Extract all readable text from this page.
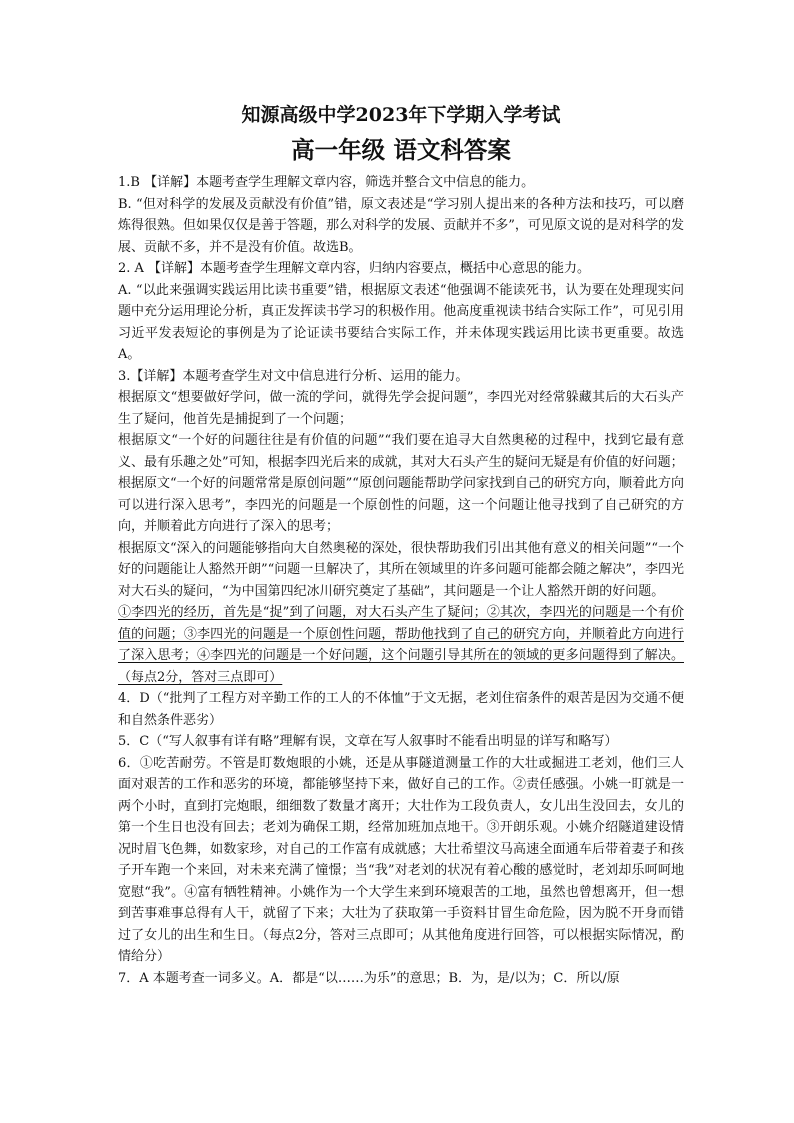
知源高级中学2023年下学期入学考试
高一年级 语文科答案

1.B 【详解】本题考查学生理解文章内容，筛选并整合文中信息的能力。

B. “但对科学的发展及贡献没有价值”错，原文表述是“学习别人提出来的各种方法和技巧，可以磨炼得很熟。但如果仅仅是善于答题，那么对科学的发展、贡献并不多”，可见原文说的是对科学的发展、贡献不多，并不是没有价值。故选B。

2. A 【详解】本题考查学生理解文章内容，归纳内容要点，概括中心意思的能力。

A. “以此来强调实践运用比读书重要”错，根据原文表述“他强调不能读死书，认为要在处理现实问题中充分运用理论分析，真正发挥读书学习的积极作用。他高度重视读书结合实际工作”，可见引用习近平发表短论的事例是为了论证读书要结合实际工作，并未体现实践运用比读书更重要。故选A。

3.【详解】本题考查学生对文中信息进行分析、运用的能力。

根据原文“想要做好学问，做一流的学问，就得先学会捉问题”，李四光对经常躲藏其后的大石头产生了疑问，他首先是捕捉到了一个问题；

根据原文“一个好的问题往往是有价值的问题”“我们要在追寻大自然奥秘的过程中，找到它最有意义、最有乐趣之处”可知，根据李四光后来的成就，其对大石头产生的疑问无疑是有价值的好问题；

根据原文“一个好的问题常常是原创问题”“原创问题能帮助学问家找到自己的研究方向，顺着此方向可以进行深入思考”，李四光的问题是一个原创性的问题，这一个问题让他寻找到了自己研究的方向，并顺着此方向进行了深入的思考；

根据原文“深入的问题能够指向大自然奥秘的深处，很快帮助我们引出其他有意义的相关问题”“一个好的问题能让人豁然开朗”“问题一旦解决了，其所在领域里的许多问题可能都会随之解决”，李四光对大石头的疑问，“为中国第四纪冰川研究奠定了基础”，其问题是一个让人豁然开朗的好问题。

①李四光的经历，首先是“捉”到了问题，对大石头产生了疑问；②其次，李四光的问题是一个有价值的问题；③李四光的问题是一个原创性问题，帮助他找到了自己的研究方向，并顺着此方向进行了深入思考；④李四光的问题是一个好问题，这个问题引导其所在的领域的更多问题得到了解决。（每点2分，答对三点即可）

4．D（“批判了工程方对辛勤工作的工人的不体恤”于文无据，老刘住宿条件的艰苦是因为交通不便和自然条件恶劣）

5．C（“写人叙事有详有略”理解有误，文章在写人叙事时不能看出明显的详写和略写）

6．①吃苦耐劳。不管是盯数炮眼的小姚，还是从事隧道测量工作的大壮或掘进工老刘，他们三人面对艰苦的工作和恶劣的环境，都能够坚持下来，做好自己的工作。②责任感强。小姚一盯就是一两个小时，直到打完炮眼，细细数了数量才离开；大壮作为工段负责人，女儿出生没回去，女儿的第一个生日也没有回去；老刘为确保工期，经常加班加点地干。③开朗乐观。小姚介绍隧道建设情况时眉飞色舞，如数家珍，对自己的工作富有成就感；大壮希望汶马高速全面通车后带着妻子和孩子开车跑一个来回，对未来充满了憧憬；当“我”对老刘的状况有着心酸的感觉时，老刘却乐呵呵地宽慰“我”。④富有牺牲精神。小姚作为一个大学生来到环境艰苦的工地，虽然也曾想离开，但一想到苦事难事总得有人干，就留了下来；大壮为了获取第一手资料甘冒生命危险，因为脱不开身而错过了女儿的出生和生日。（每点2分，答对三点即可；从其他角度进行回答，可以根据实际情况，酌情给分）

7．A 本题考查一词多义。A．都是“以……为乐”的意思；B．为，是/以为；C．所以/原
